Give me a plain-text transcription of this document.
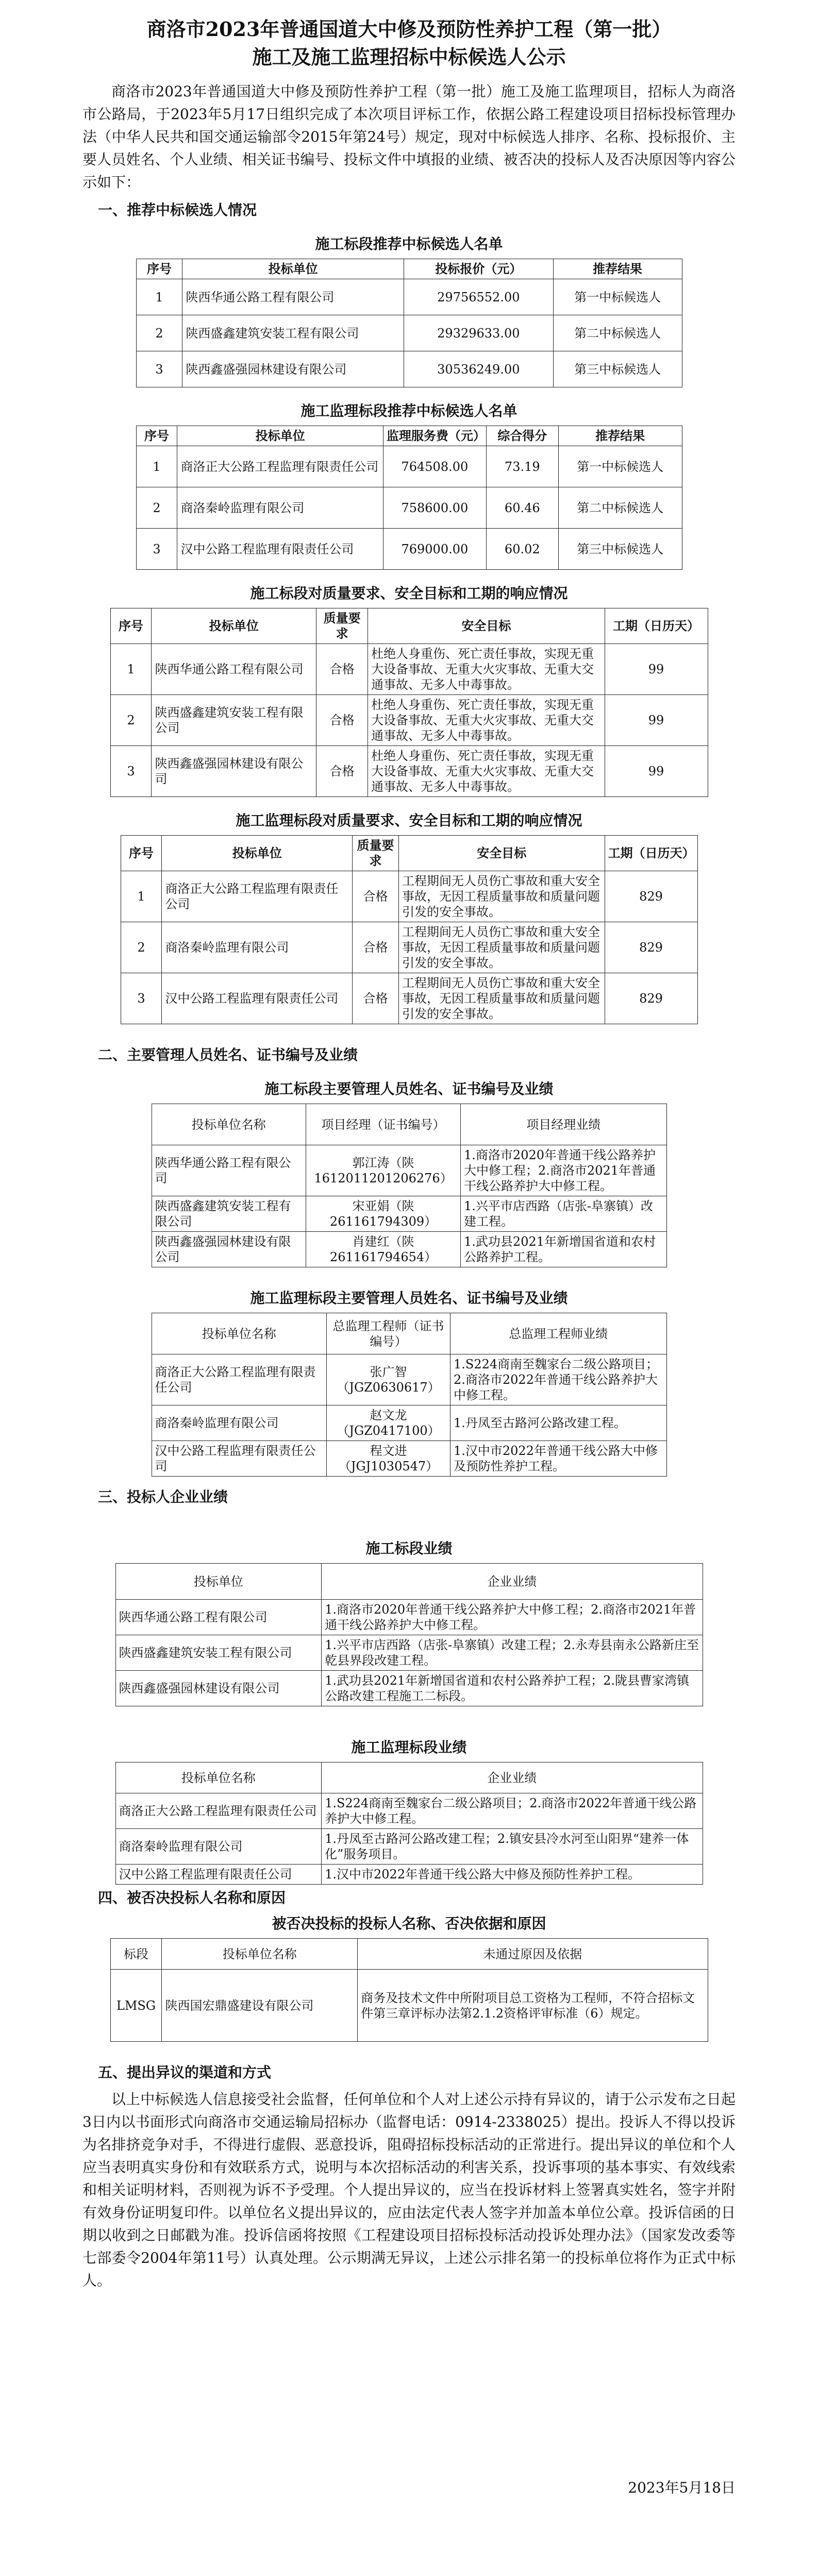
商洛市2023年普通国道大中修及预防性养护工程（第一批）
施工及施工监理招标中标候选人公示

商洛市2023年普通国道大中修及预防性养护工程（第一批）施工及施工监理项目，招标人为商洛市公路局，于2023年5月17日组织完成了本次项目评标工作，依据公路工程建设项目招标投标管理办法（中华人民共和国交通运输部令2015年第24号）规定，现对中标候选人排序、名称、投标报价、主要人员姓名、个人业绩、相关证书编号、投标文件中填报的业绩、被否决的投标人及否决原因等内容公示如下：

一、推荐中标候选人情况
施工标段推荐中标候选人名单
序号	投标单位	投标报价（元）	推荐结果
1	陕西华通公路工程有限公司	29756552.00	第一中标候选人
2	陕西盛鑫建筑安装工程有限公司	29329633.00	第二中标候选人
3	陕西鑫盛强园林建设有限公司	30536249.00	第三中标候选人
施工监理标段推荐中标候选人名单
序号	投标单位	监理服务费（元）	综合得分	推荐结果
1	商洛正大公路工程监理有限责任公司	764508.00	73.19	第一中标候选人
2	商洛秦岭监理有限公司	758600.00	60.46	第二中标候选人
3	汉中公路工程监理有限责任公司	769000.00	60.02	第三中标候选人
施工标段对质量要求、安全目标和工期的响应情况
序号	投标单位	质量要求	安全目标	工期（日历天）
1	陕西华通公路工程有限公司	合格	杜绝人身重伤、死亡责任事故，实现无重大设备事故、无重大火灾事故、无重大交通事故、无多人中毒事故。	99
2	陕西盛鑫建筑安装工程有限公司	合格	杜绝人身重伤、死亡责任事故，实现无重大设备事故、无重大火灾事故、无重大交通事故、无多人中毒事故。	99
3	陕西鑫盛强园林建设有限公司	合格	杜绝人身重伤、死亡责任事故，实现无重大设备事故、无重大火灾事故、无重大交通事故、无多人中毒事故。	99
施工监理标段对质量要求、安全目标和工期的响应情况
序号	投标单位	质量要求	安全目标	工期（日历天）
1	商洛正大公路工程监理有限责任公司	合格	工程期间无人员伤亡事故和重大安全事故，无因工程质量事故和质量问题引发的安全事故。	829
2	商洛秦岭监理有限公司	合格	工程期间无人员伤亡事故和重大安全事故，无因工程质量事故和质量问题引发的安全事故。	829
3	汉中公路工程监理有限责任公司	合格	工程期间无人员伤亡事故和重大安全事故，无因工程质量事故和质量问题引发的安全事故。	829
二、主要管理人员姓名、证书编号及业绩
施工标段主要管理人员姓名、证书编号及业绩
投标单位名称	项目经理（证书编号）	项目经理业绩
陕西华通公路工程有限公司	郭江涛（陕1612011201206276）	1.商洛市2020年普通干线公路养护大中修工程；2.商洛市2021年普通干线公路养护大中修工程。
陕西盛鑫建筑安装工程有限公司	宋亚娟（陕261161794309）	1.兴平市店西路（店张-阜寨镇）改建工程。
陕西鑫盛强园林建设有限公司	肖建红（陕261161794654）	1.武功县2021年新增国省道和农村公路养护工程。
施工监理标段主要管理人员姓名、证书编号及业绩
投标单位名称	总监理工程师（证书编号）	总监理工程师业绩
商洛正大公路工程监理有限责任公司	张广智（JGZ0630617）	1.S224商南至魏家台二级公路项目；2.商洛市2022年普通干线公路养护大中修工程。
商洛秦岭监理有限公司	赵文龙（JGZ0417100）	1.丹凤至古路河公路改建工程。
汉中公路工程监理有限责任公司	程文进（JGJ1030547）	1.汉中市2022年普通干线公路大中修及预防性养护工程。
三、投标人企业业绩
施工标段业绩
投标单位	企业业绩
陕西华通公路工程有限公司	1.商洛市2020年普通干线公路养护大中修工程；2.商洛市2021年普通干线公路养护大中修工程。
陕西盛鑫建筑安装工程有限公司	1.兴平市店西路（店张-阜寨镇）改建工程；2.永寿县南永公路新庄至乾县界段改建工程。
陕西鑫盛强园林建设有限公司	1.武功县2021年新增国省道和农村公路养护工程；2.陇县曹家湾镇公路改建工程施工二标段。
施工监理标段业绩
投标单位名称	企业业绩
商洛正大公路工程监理有限责任公司	1.S224商南至魏家台二级公路项目；2.商洛市2022年普通干线公路养护大中修工程。
商洛秦岭监理有限公司	1.丹凤至古路河公路改建工程；2.镇安县冷水河至山阳界“建养一体化”服务项目。
汉中公路工程监理有限责任公司	1.汉中市2022年普通干线公路大中修及预防性养护工程。
四、被否决投标人名称和原因
被否决投标的投标人名称、否决依据和原因
标段	投标单位名称	未通过原因及依据
LMSG	陕西国宏鼎盛建设有限公司	商务及技术文件中所附项目总工资格为工程师，不符合招标文件第三章评标办法第2.1.2资格评审标准（6）规定。
五、提出异议的渠道和方式

以上中标候选人信息接受社会监督，任何单位和个人对上述公示持有异议的，请于公示发布之日起3日内以书面形式向商洛市交通运输局招标办（监督电话：0914-2338025）提出。投诉人不得以投诉为名排挤竞争对手，不得进行虚假、恶意投诉，阻碍招标投标活动的正常进行。提出异议的单位和个人应当表明真实身份和有效联系方式，说明与本次招标活动的利害关系，投诉事项的基本事实、有效线索和相关证明材料，否则视为诉不予受理。个人提出异议的，应当在投诉材料上签署真实姓名，签字并附有效身份证明复印件。以单位名义提出异议的，应由法定代表人签字并加盖本单位公章。投诉信函的日期以收到之日邮戳为准。投诉信函将按照《工程建设项目招标投标活动投诉处理办法》（国家发改委等七部委令2004年第11号）认真处理。公示期满无异议，上述公示排名第一的投标单位将作为正式中标人。

2023年5月18日
